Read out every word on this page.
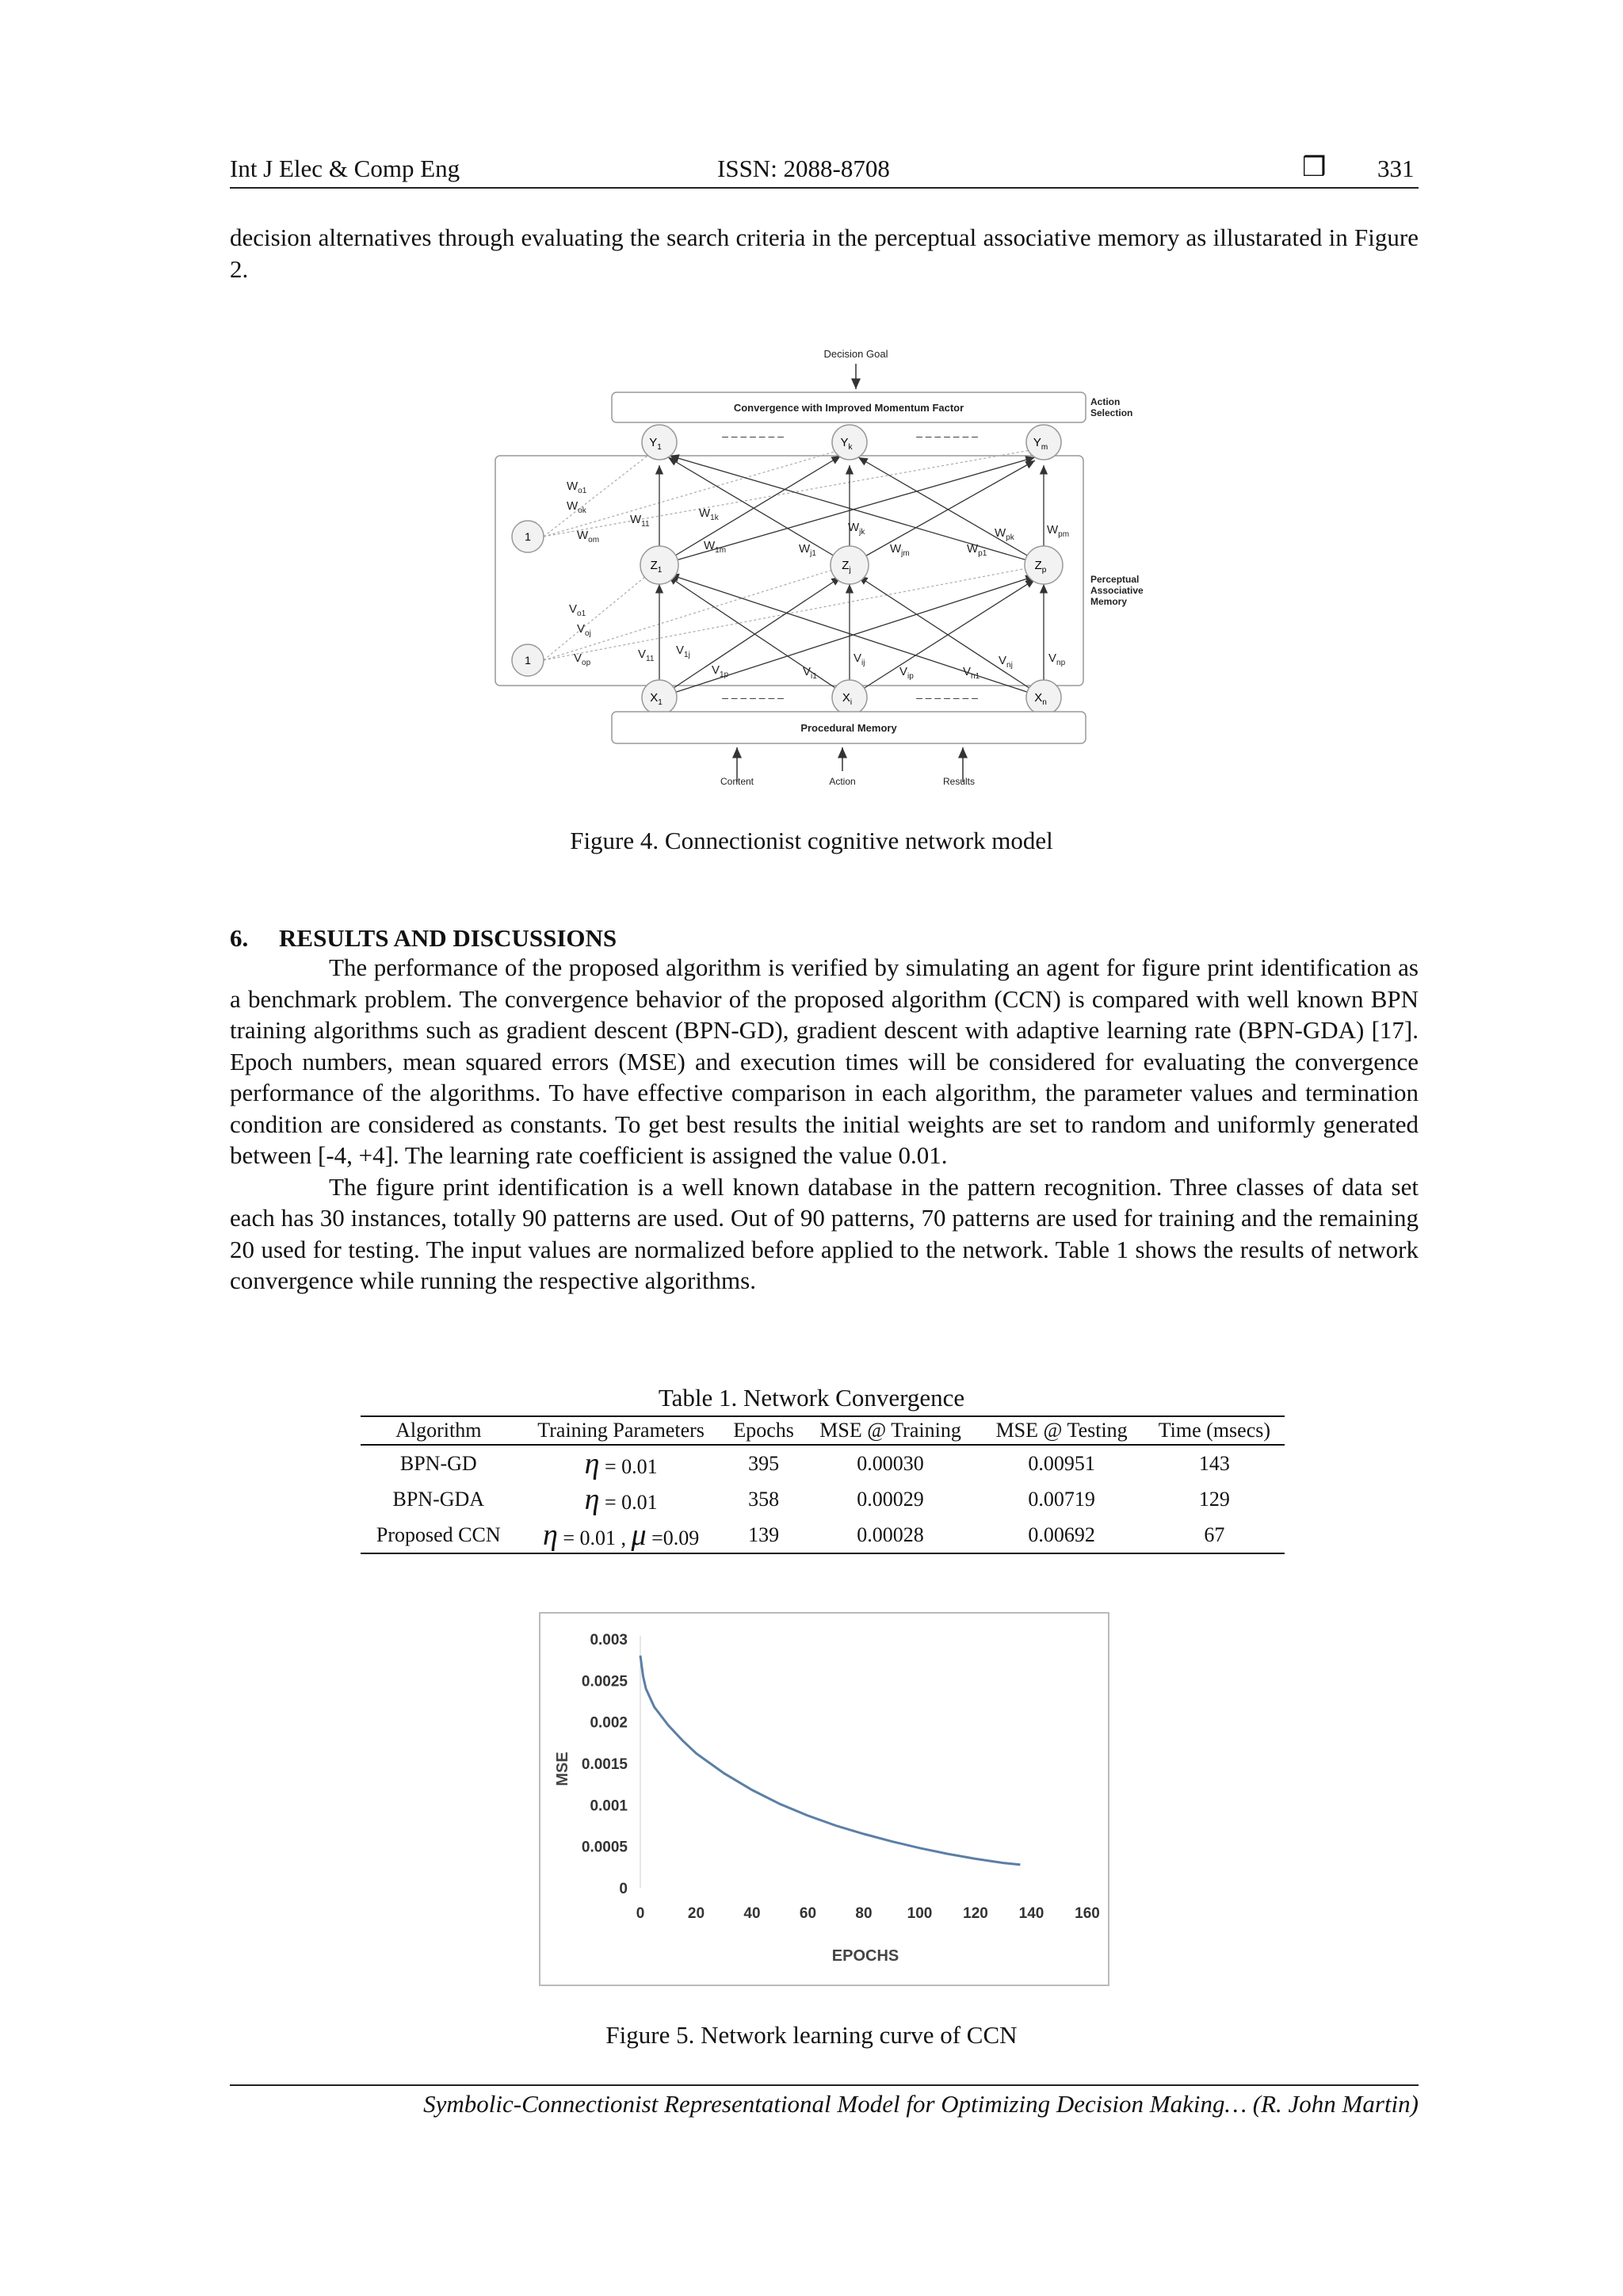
Int J Elec & Comp Eng	ISSN: 2088-8708	❒ 331

decision alternatives through evaluating the search criteria in the perceptual associative memory as illustarated in Figure 2.

Decision Goal
Convergence with Improved Momentum Factor	Action
Selection
Perceptual
Associative
Memory
1
1
$Y_1$	$Y_k$	$Y_m$
– – – – – – –	– – – – – – –
$Z_1$	$Z_j$	$Z_p$
$X_1$	$X_i$	$X_n$
– – – – – – –	– – – – – – –
$W_{o1}$
$W_{ok}$
$W_{om}$
$W_{11}$
$W_{1k}$
$W_{1m}$	$W_{j1}$
$W_{jk}$
$W_{jm}$	$W_{p1}$
$W_{pk}$
$W_{pm}$
$V_{o1}$
$V_{oj}$
$V_{op}$
$V_{11}$
$V_{1j}$
$V_{1p}$	$V_{i1}$
$V_{ij}$
$V_{ip}$	$V_{n1}$
$V_{nj}$
$V_{np}$
Procedural Memory
Content	Action	Results
Figure 4. Connectionist cognitive network model
6. RESULTS AND DISCUSSIONS

The performance of the proposed algorithm is verified by simulating an agent for figure print identification as a benchmark problem. The convergence behavior of the proposed algorithm (CCN) is compared with well known BPN training algorithms such as gradient descent (BPN-GD), gradient descent with adaptive learning rate (BPN-GDA) [17]. Epoch numbers, mean squared errors (MSE) and execution times will be considered for evaluating the convergence performance of the algorithms. To have effective comparison in each algorithm, the parameter values and termination condition are considered as constants. To get best results the initial weights are set to random and uniformly generated between [-4, +4]. The learning rate coefficient is assigned the value 0.01.

The figure print identification is a well known database in the pattern recognition. Three classes of data set each has 30 instances, totally 90 patterns are used. Out of 90 patterns, 70 patterns are used for training and the remaining 20 used for testing. The input values are normalized before applied to the network. Table 1 shows the results of network convergence while running the respective algorithms.

Table 1. Network Convergence
Algorithm	Training Parameters	Epochs	MSE @ Training	MSE @ Testing	Time (msecs)
BPN-GD	η = 0.01	395	0.00030	0.00951	143
BPN-GDA	η = 0.01	358	0.00029	0.00719	129
Proposed CCN	η = 0.01 , μ =0.09	139	0.00028	0.00692	67
0
0.0005
0.001
0.0015
0.002
0.0025
0.003
0	20	40	60	80 100 120 140 160
EPOCHS
MSE
Figure 5. Network learning curve of CCN
Symbolic-Connectionist Representational Model for Optimizing Decision Making… (R. John Martin)
